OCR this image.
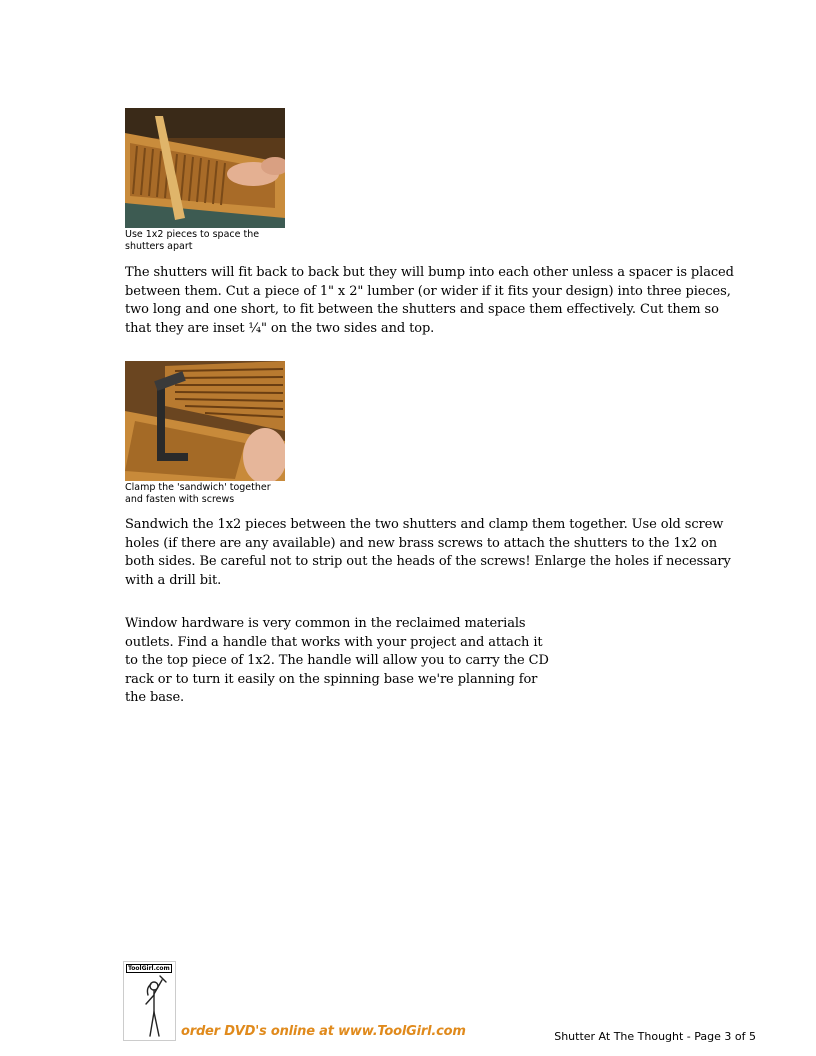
Use 1x2 pieces to space the shutters apart

The shutters will fit back to back but they will bump into each other unless a spacer is placed between them. Cut a piece of 1" x 2" lumber (or wider if it fits your design) into three pieces, two long and one short, to fit between the shutters and space them effectively. Cut them so that they are inset ¼" on the two sides and top.

Clamp the 'sandwich' together and fasten with screws

Sandwich the 1x2 pieces between the two shutters and clamp them together. Use old screw holes (if there are any available) and new brass screws to attach the shutters to the 1x2 on both sides. Be careful not to strip out the heads of the screws! Enlarge the holes if necessary with a drill bit.

Window hardware is very common in the reclaimed materials outlets. Find a handle that works with your project and attach it to the top piece of 1x2. The handle will allow you to carry the CD rack or to turn it easily on the spinning base we're planning for the base.

ToolGirl.com
order DVD's online at www.ToolGirl.com	Shutter At The Thought - Page 3 of 5
